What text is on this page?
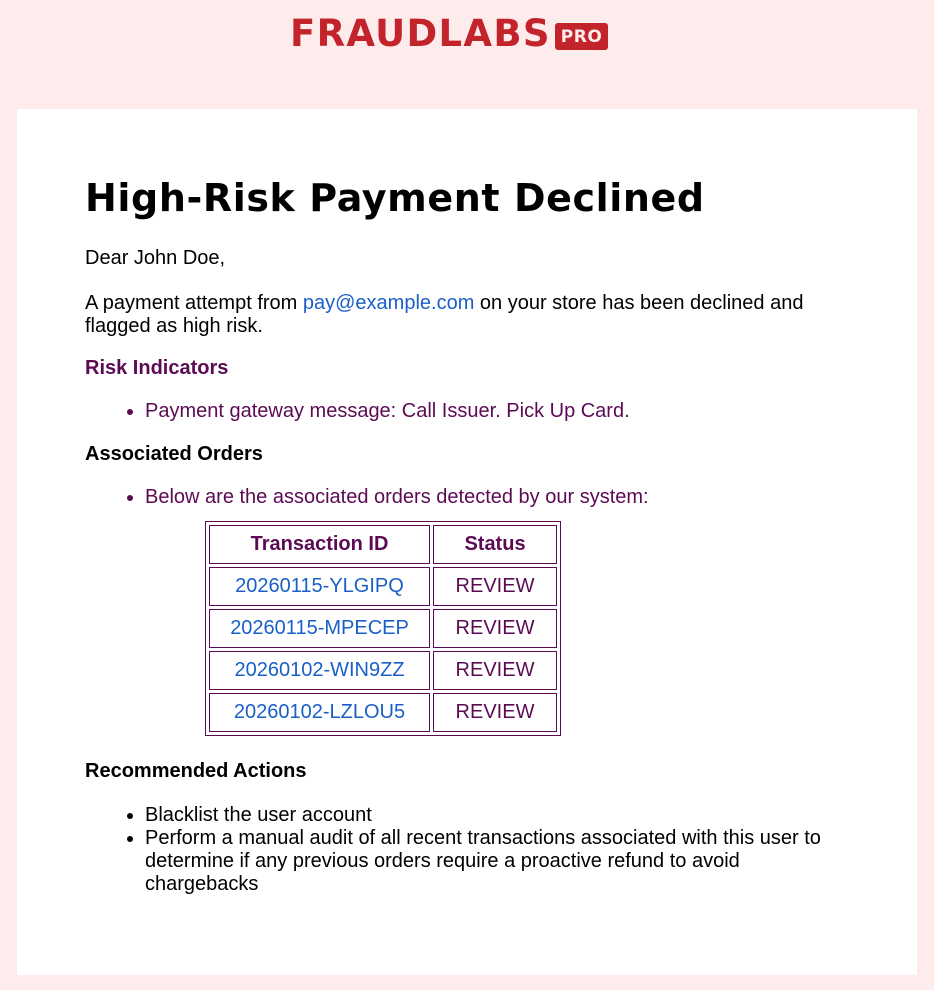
FRAUDLABS PRO
High-Risk Payment Declined

Dear John Doe,

A payment attempt from pay@example.com on your store has been declined and flagged as high risk.

Risk Indicators
• Payment gateway message: Call Issuer. Pick Up Card.
Associated Orders
• Below are the associated orders detected by our system:
Transaction ID	Status
20260115-YLGIPQ	REVIEW
20260115-MPECEP	REVIEW
20260102-WIN9ZZ	REVIEW
20260102-LZLOU5	REVIEW
Recommended Actions
• Blacklist the user account
• Perform a manual audit of all recent transactions associated with this user to determine if any previous orders require a proactive refund to avoid chargebacks
